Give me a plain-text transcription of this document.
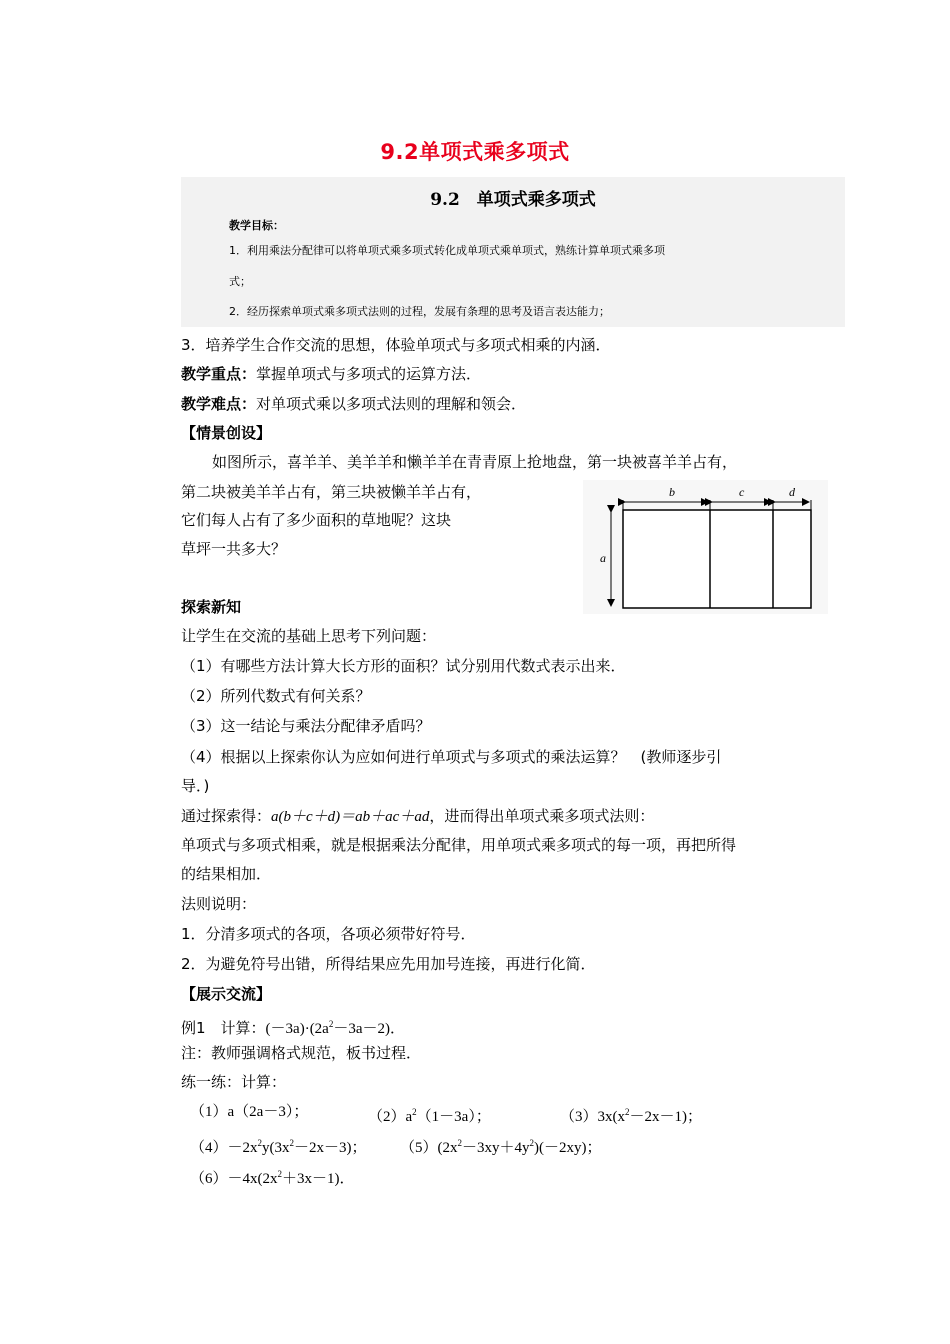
9.2单项式乘多项式
9.2　单项式乘多项式
教学目标：
1．利用乘法分配律可以将单项式乘多项式转化成单项式乘单项式，熟练计算单项式乘多项
式；
2．经历探索单项式乘多项式法则的过程，发展有条理的思考及语言表达能力；
3．培养学生合作交流的思想，体验单项式与多项式相乘的内涵．
教学重点：掌握单项式与多项式的运算方法．
教学难点：对单项式乘以多项式法则的理解和领会．
【情景创设】
如图所示，喜羊羊、美羊羊和懒羊羊在青青原上抢地盘，第一块被喜羊羊占有，
第二块被美羊羊占有，第三块被懒羊羊占有，
它们每人占有了多少面积的草地呢？这块
草坪一共多大？
b	c	d
a
探索新知
让学生在交流的基础上思考下列问题：
（1）有哪些方法计算大长方形的面积？试分别用代数式表示出来．
（2）所列代数式有何关系？
（3）这一结论与乘法分配律矛盾吗？
（4）根据以上探索你认为应如何进行单项式与多项式的乘法运算？　(教师逐步引
导．)
通过探索得：a(b＋c＋d)＝ab＋ac＋ad，进而得出单项式乘多项式法则：
单项式与多项式相乘，就是根据乘法分配律，用单项式乘多项式的每一项，再把所得
的结果相加．
法则说明：
1．分清多项式的各项，各项必须带好符号．
2．为避免符号出错，所得结果应先用加号连接，再进行化简．
【展示交流】
例1　计算：$(-3a)\cdot(2a^2-3a-2)$．
注：教师强调格式规范，板书过程．
练一练：计算：
（1）a（2a－3）；	$(2)a^2(1-3a)$；	$(3)3x(x^2-2x-1)$；
$(4)-2x^2y(3x^2-2x-3)$； $(5)(2x^2-3xy+4y^2)(-2xy)$；
$(6)-4x(2x^2+3x-1)$．
